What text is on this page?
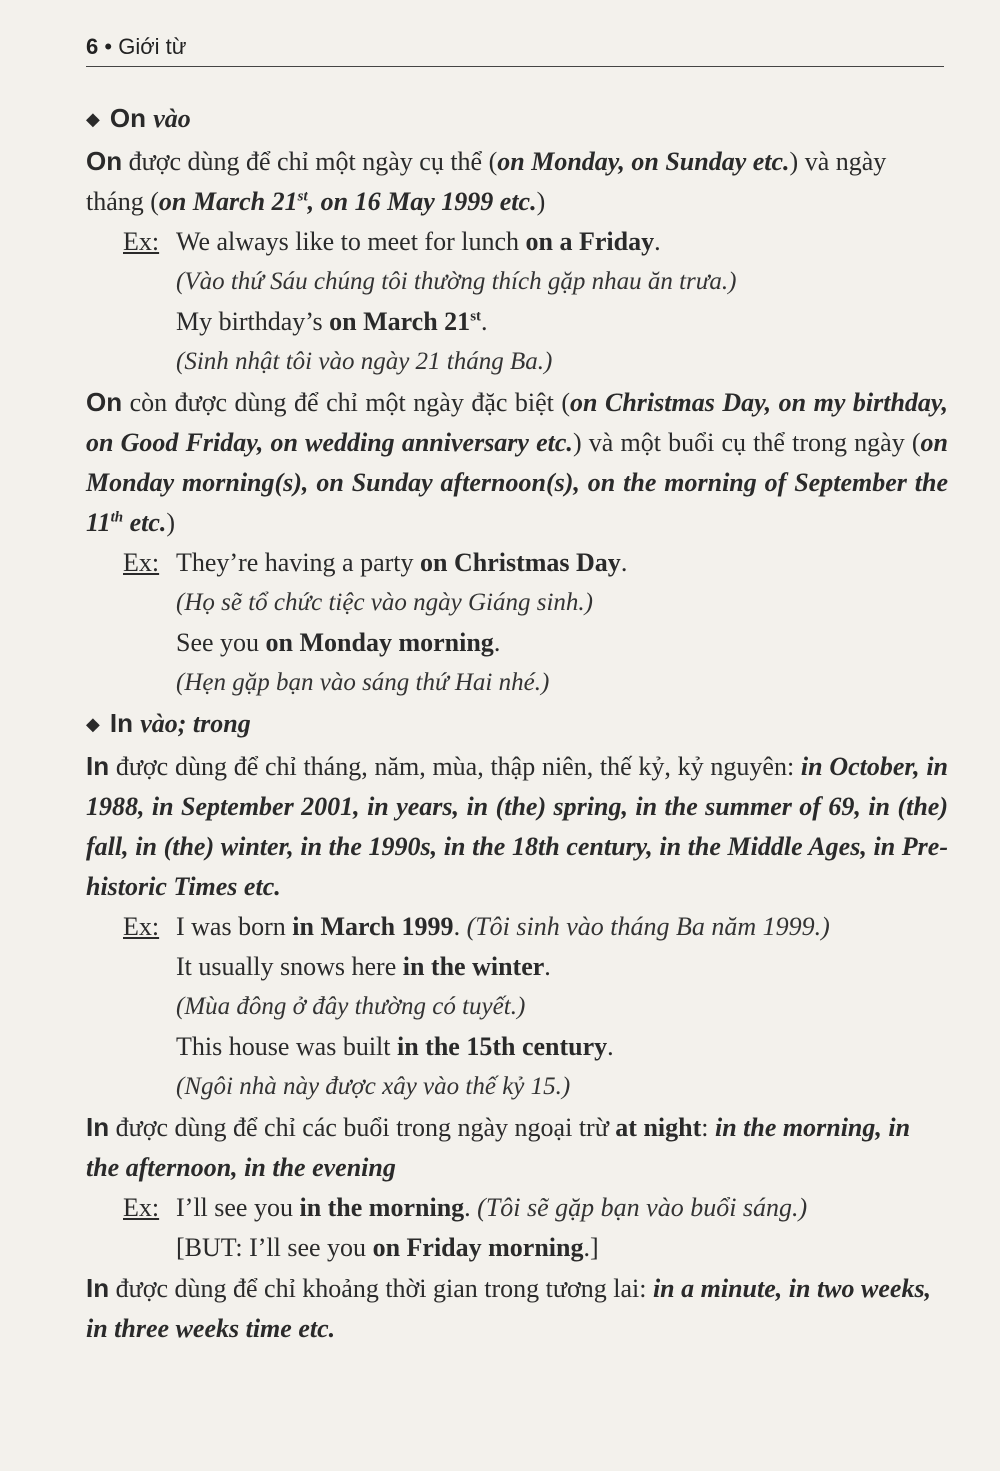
6 • Giới từ

◆ On vào

On được dùng để chỉ một ngày cụ thể (on Monday, on Sunday etc.) và ngày tháng (on March 21st, on 16 May 1999 etc.)

Ex: We always like to meet for lunch on a Friday.

(Vào thứ Sáu chúng tôi thường thích gặp nhau ăn trưa.)

My birthday’s on March 21st.

(Sinh nhật tôi vào ngày 21 tháng Ba.)

On còn được dùng để chỉ một ngày đặc biệt (on Christmas Day, on my birthday, on Good Friday, on wedding anniversary etc.) và một buổi cụ thể trong ngày (on Monday morning(s), on Sunday afternoon(s), on the morning of September the 11th etc.)

Ex: They’re having a party on Christmas Day.

(Họ sẽ tổ chức tiệc vào ngày Giáng sinh.)

See you on Monday morning.

(Hẹn gặp bạn vào sáng thứ Hai nhé.)

◆ In vào; trong

In được dùng để chỉ tháng, năm, mùa, thập niên, thế kỷ, kỷ nguyên: in October, in 1988, in September 2001, in years, in (the) spring, in the summer of 69, in (the) fall, in (the) winter, in the 1990s, in the 18th century, in the Middle Ages, in Pre-historic Times etc.

Ex: I was born in March 1999. (Tôi sinh vào tháng Ba năm 1999.)

It usually snows here in the winter.

(Mùa đông ở đây thường có tuyết.)

This house was built in the 15th century.

(Ngôi nhà này được xây vào thế kỷ 15.)

In được dùng để chỉ các buổi trong ngày ngoại trừ at night: in the morning, in the afternoon, in the evening

Ex: I’ll see you in the morning. (Tôi sẽ gặp bạn vào buổi sáng.)

[BUT: I’ll see you on Friday morning.]

In được dùng để chỉ khoảng thời gian trong tương lai: in a minute, in two weeks, in three weeks time etc.
